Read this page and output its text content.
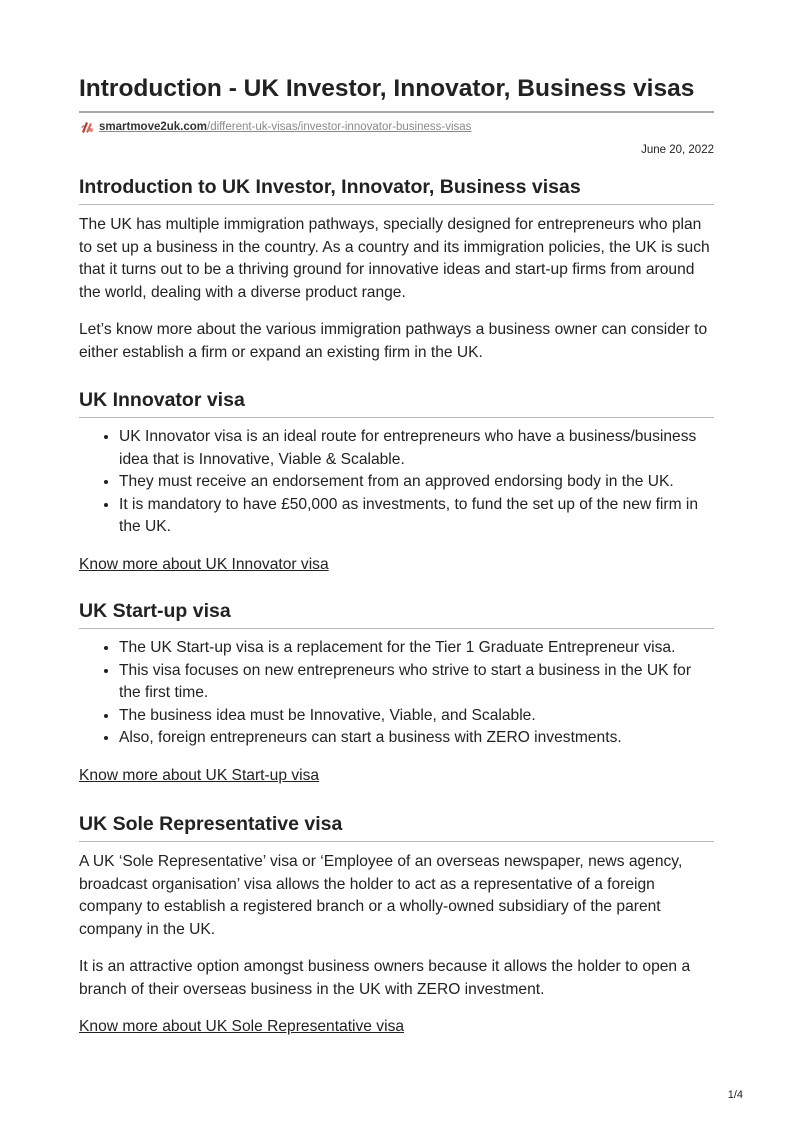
Introduction - UK Investor, Innovator, Business visas
smartmove2uk.com/different-uk-visas/investor-innovator-business-visas
June 20, 2022
Introduction to UK Investor, Innovator, Business visas

The UK has multiple immigration pathways, specially designed for entrepreneurs who plan to set up a business in the country. As a country and its immigration policies, the UK is such that it turns out to be a thriving ground for innovative ideas and start-up firms from around the world, dealing with a diverse product range.

Let’s know more about the various immigration pathways a business owner can consider to either establish a firm or expand an existing firm in the UK.

UK Innovator visa
• UK Innovator visa is an ideal route for entrepreneurs who have a business/business idea that is Innovative, Viable & Scalable.
• They must receive an endorsement from an approved endorsing body in the UK.
• It is mandatory to have £50,000 as investments, to fund the set up of the new firm in the UK.
Know more about UK Innovator visa
UK Start-up visa
• The UK Start-up visa is a replacement for the Tier 1 Graduate Entrepreneur visa.
• This visa focuses on new entrepreneurs who strive to start a business in the UK for the first time.
• The business idea must be Innovative, Viable, and Scalable.
• Also, foreign entrepreneurs can start a business with ZERO investments.
Know more about UK Start-up visa
UK Sole Representative visa

A UK ‘Sole Representative’ visa or ‘Employee of an overseas newspaper, news agency, broadcast organisation’ visa allows the holder to act as a representative of a foreign company to establish a registered branch or a wholly-owned subsidiary of the parent company in the UK.

It is an attractive option amongst business owners because it allows the holder to open a branch of their overseas business in the UK with ZERO investment.

Know more about UK Sole Representative visa
1/4
